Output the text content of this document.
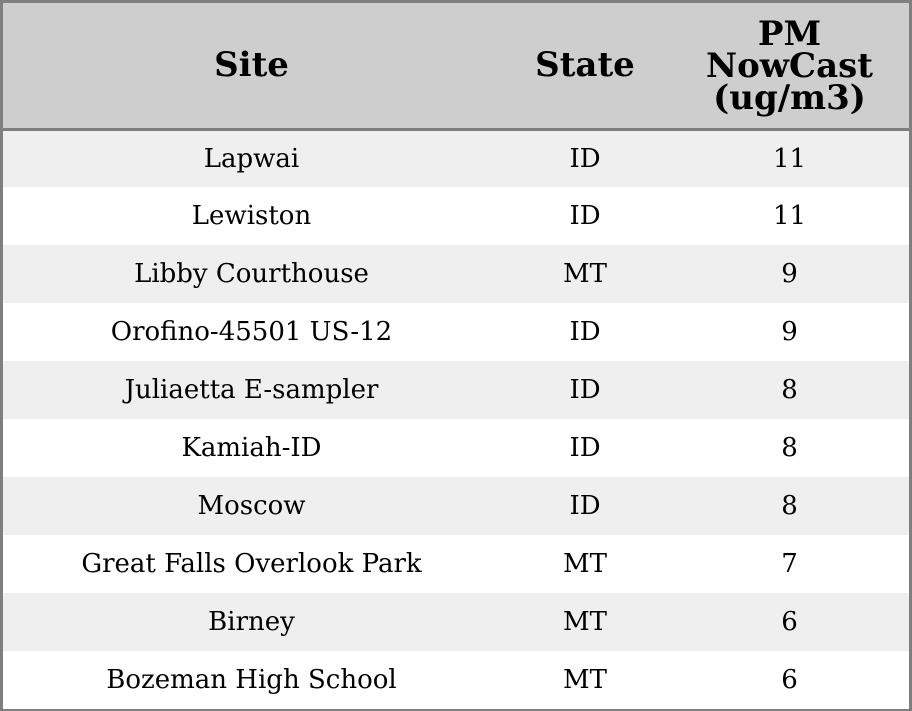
Site	State	PM
NowCast
(ug/m3)

Lapwai	ID	11
Lewiston	ID	11
Libby Courthouse	MT	9
Orofino-45501 US-12	ID	9
Juliaetta E-sampler	ID	8
Kamiah-ID	ID	8
Moscow	ID	8
Great Falls Overlook Park	MT	7
Birney	MT	6
Bozeman High School	MT	6
